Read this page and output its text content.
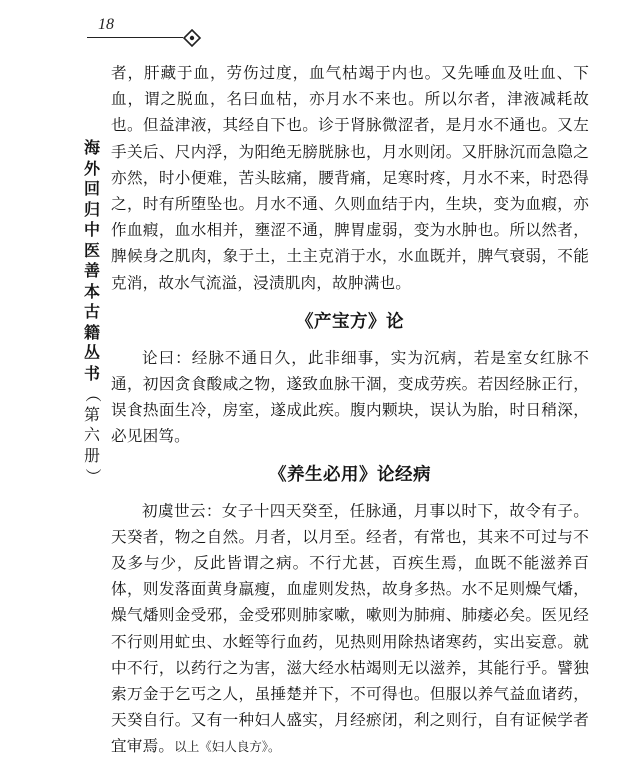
18
海
外
回
归
中
医
善
本
古
籍
丛
书
（
第
六
册
）

者，肝藏于血，劳伤过度，血气枯竭于内也。又先唾血及吐血、下血，谓之脱血，名曰血枯，亦月水不来也。所以尔者，津液减耗故也。但益津液，其经自下也。诊于肾脉微涩者，是月水不通也。又左手关后、尺内浮，为阳绝无膀胱脉也，月水则闭。又肝脉沉而急隐之亦然，时小便难，苦头眩痛，腰背痛，足寒时疼，月水不来，时恐得之，时有所堕坠也。月水不通、久则血结于内，生块，变为血瘕，亦作血瘕，血水相并，壅涩不通，脾胃虚弱，变为水肿也。所以然者，脾候身之肌肉，象于土，土主克消于水，水血既并，脾气衰弱，不能克消，故水气流溢，浸渍肌肉，故肿满也。

《产宝方》论

论曰：经脉不通日久，此非细事，实为沉病，若是室女红脉不通，初因贪食酸咸之物，遂致血脉干涸，变成劳疾。若因经脉正行，误食热面生冷，房室，遂成此疾。腹内颗块，误认为胎，时日稍深，必见困笃。

《养生必用》论经病

初虞世云：女子十四天癸至，任脉通，月事以时下，故令有子。天癸者，物之自然。月者，以月至。经者，有常也，其来不可过与不及多与少，反此皆谓之病。不行尤甚，百疾生焉，血既不能滋养百体，则发落面黄身羸瘦，血虚则发热，故身多热。水不足则燥气燔，燥气燔则金受邪，金受邪则肺家嗽，嗽则为肺痈、肺痿必矣。医见经不行则用虻虫、水蛭等行血药，见热则用除热诸寒药，实出妄意。就中不行，以药行之为害，滋大经水枯竭则无以滋养，其能行乎。譬独索万金于乞丐之人，虽捶楚并下，不可得也。但服以养气益血诸药，天癸自行。又有一种妇人盛实，月经瘀闭，利之则行，自有证候学者宜审焉。以上《妇人良方》。
